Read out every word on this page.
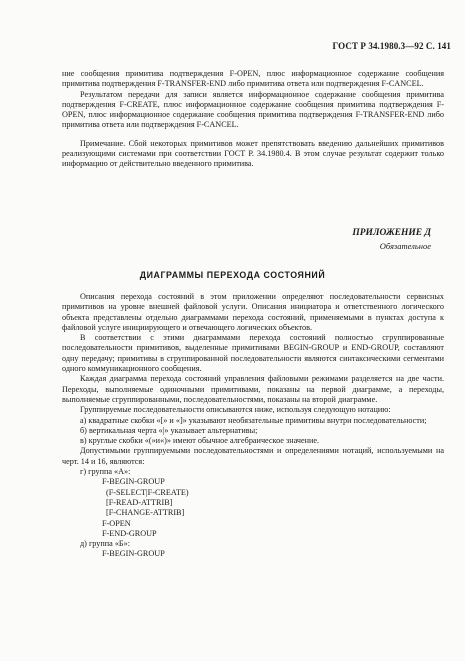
ГОСТ Р 34.1980.3—92 С. 141

ние сообщения примитива подтверждения F-OPEN, плюс информационное содержание сообщения примитива подтверждения F-TRANSFER-END либо примитива ответа или подтверждения F-CANCEL.

Результатом передачи для записи является информационное содержание сообщения примитива подтверждения F-CREATE, плюс информационное содержание сообщения примитива подтверждения F-OPEN, плюс информационное содержание сообщения примитива подтверждения F-TRANSFER-END либо примитива ответа или подтверждения F-CANCEL.

Примечание. Сбой некоторых примитивов может препятствовать введению дальнейших примитивов реализующими системами при соответствии ГОСТ Р. 34.1980.4. В этом случае результат содержит только информацию от действительно введенного примитива.

ПРИЛОЖЕНИЕ Д
Обязательное
ДИАГРАММЫ ПЕРЕХОДА СОСТОЯНИЙ

Описания перехода состояний в этом приложении определяют последовательности сервисных примитивов на уровне внешней файловой услуги. Описания инициатора и ответственного логического объекта представлены отдельно диаграммами перехода состояний, применяемыми в пунктах доступа к файловой услуге инициирующего и отвечающего логических объектов.

В соответствии с этими диаграммами перехода состояний полностью сгруппированные последовательности примитивов, выделенные примитивами BEGIN-GROUP и END-GROUP, составляют одну передачу; примитивы в сгруппированной последовательности являются синтаксическими сегментами одного коммуникационного сообщения.

Каждая диаграмма перехода состояний управления файловыми режимами разделяется на две части. Переходы, выполняемые одиночными примитивами, показаны на первой диаграмме, а переходы, выполняемые сгруппированными, последовательностями, показаны на второй диаграмме.

Группируемые последовательности описываются ниже, используя следующую нотацию:

а) квадратные скобки «[» и «]» указывают необязательные примитивы внутри последовательности;
б) вертикальная черта «|» указывает альтернативы;
в) круглые скобки «(»и«)» имеют обычное алгебраическое значение.

Допустимыми группируемыми последовательностями и определениями нотаций, используемыми на черт. 14 и 16, являются:

г) группа «А»:
F-BEGIN-GROUP
(F-SELECT|F-CREATE)
[F-READ-ATTRIB]
[F-CHANGE-ATTRIB]
F-OPEN
F-END-GROUP
д) группа «Б»:
F-BEGIN-GROUP
